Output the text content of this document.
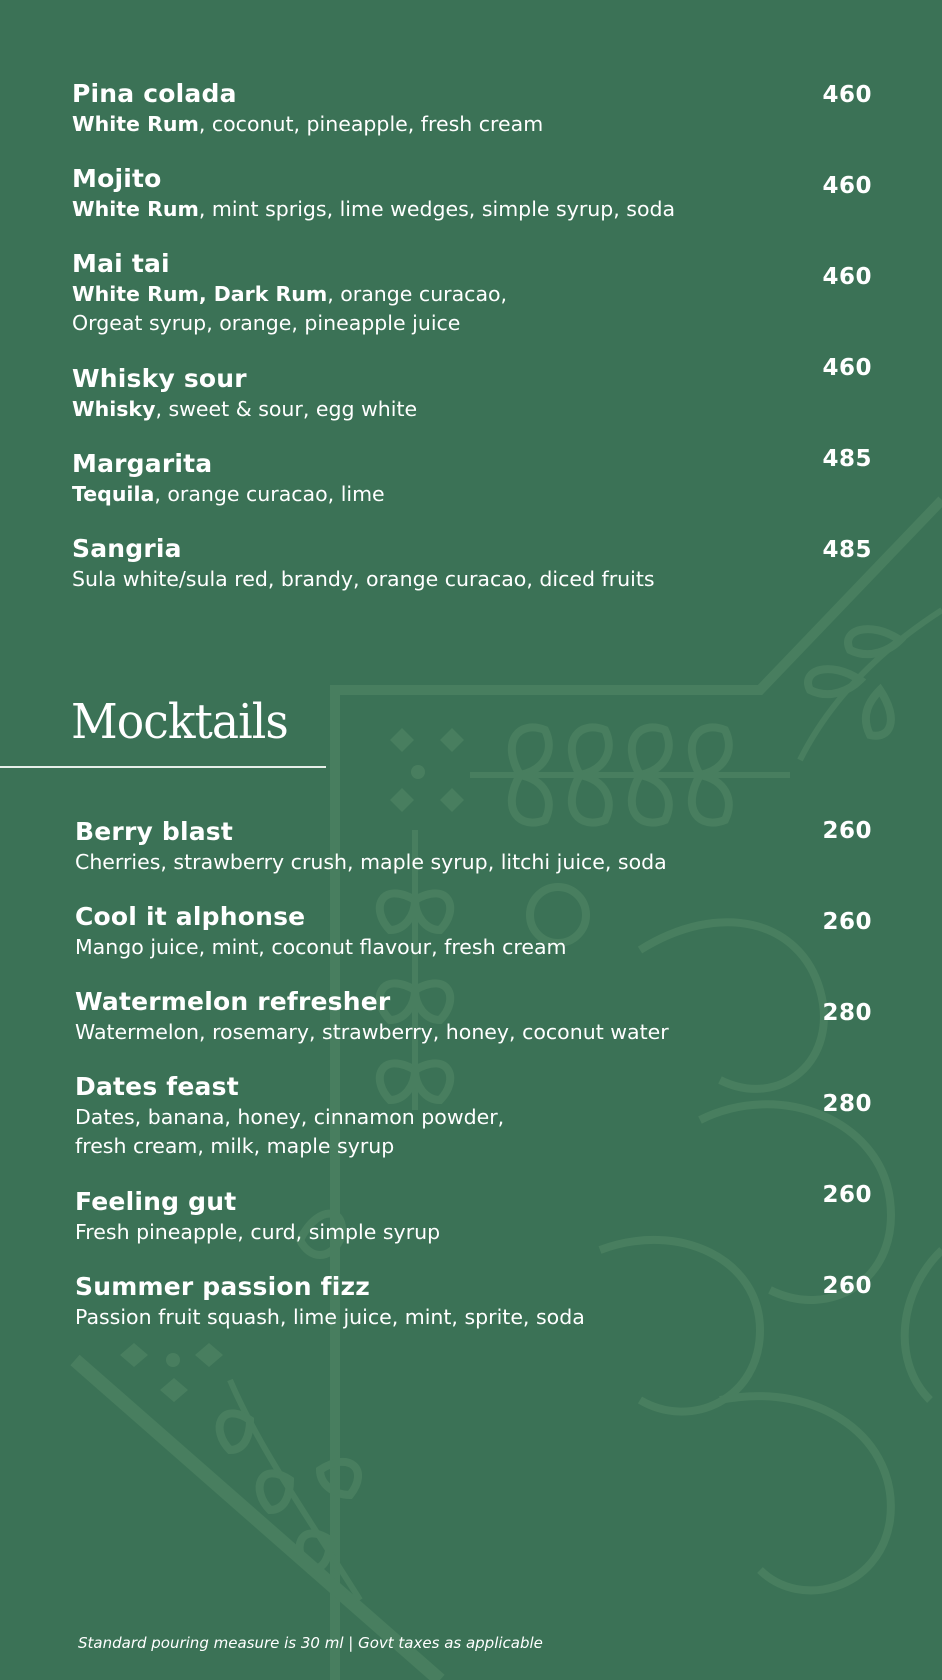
Pina colada
White Rum, coconut, pineapple, fresh cream
460
Mojito
White Rum, mint sprigs, lime wedges, simple syrup, soda
460
Mai tai
White Rum, Dark Rum, orange curacao,
Orgeat syrup, orange, pineapple juice
460
Whisky sour
Whisky, sweet & sour, egg white
460
Margarita
Tequila, orange curacao, lime
485
Sangria
Sula white/sula red, brandy, orange curacao, diced fruits
485
Mocktails
Berry blast
Cherries, strawberry crush, maple syrup, litchi juice, soda
260
Cool it alphonse
Mango juice, mint, coconut flavour, fresh cream
260
Watermelon refresher
Watermelon, rosemary, strawberry, honey, coconut water
280
Dates feast
Dates, banana, honey, cinnamon powder,
fresh cream, milk, maple syrup
280
Feeling gut
Fresh pineapple, curd, simple syrup
260
Summer passion fizz
Passion fruit squash, lime juice, mint, sprite, soda
260
Standard pouring measure is 30 ml | Govt taxes as applicable
